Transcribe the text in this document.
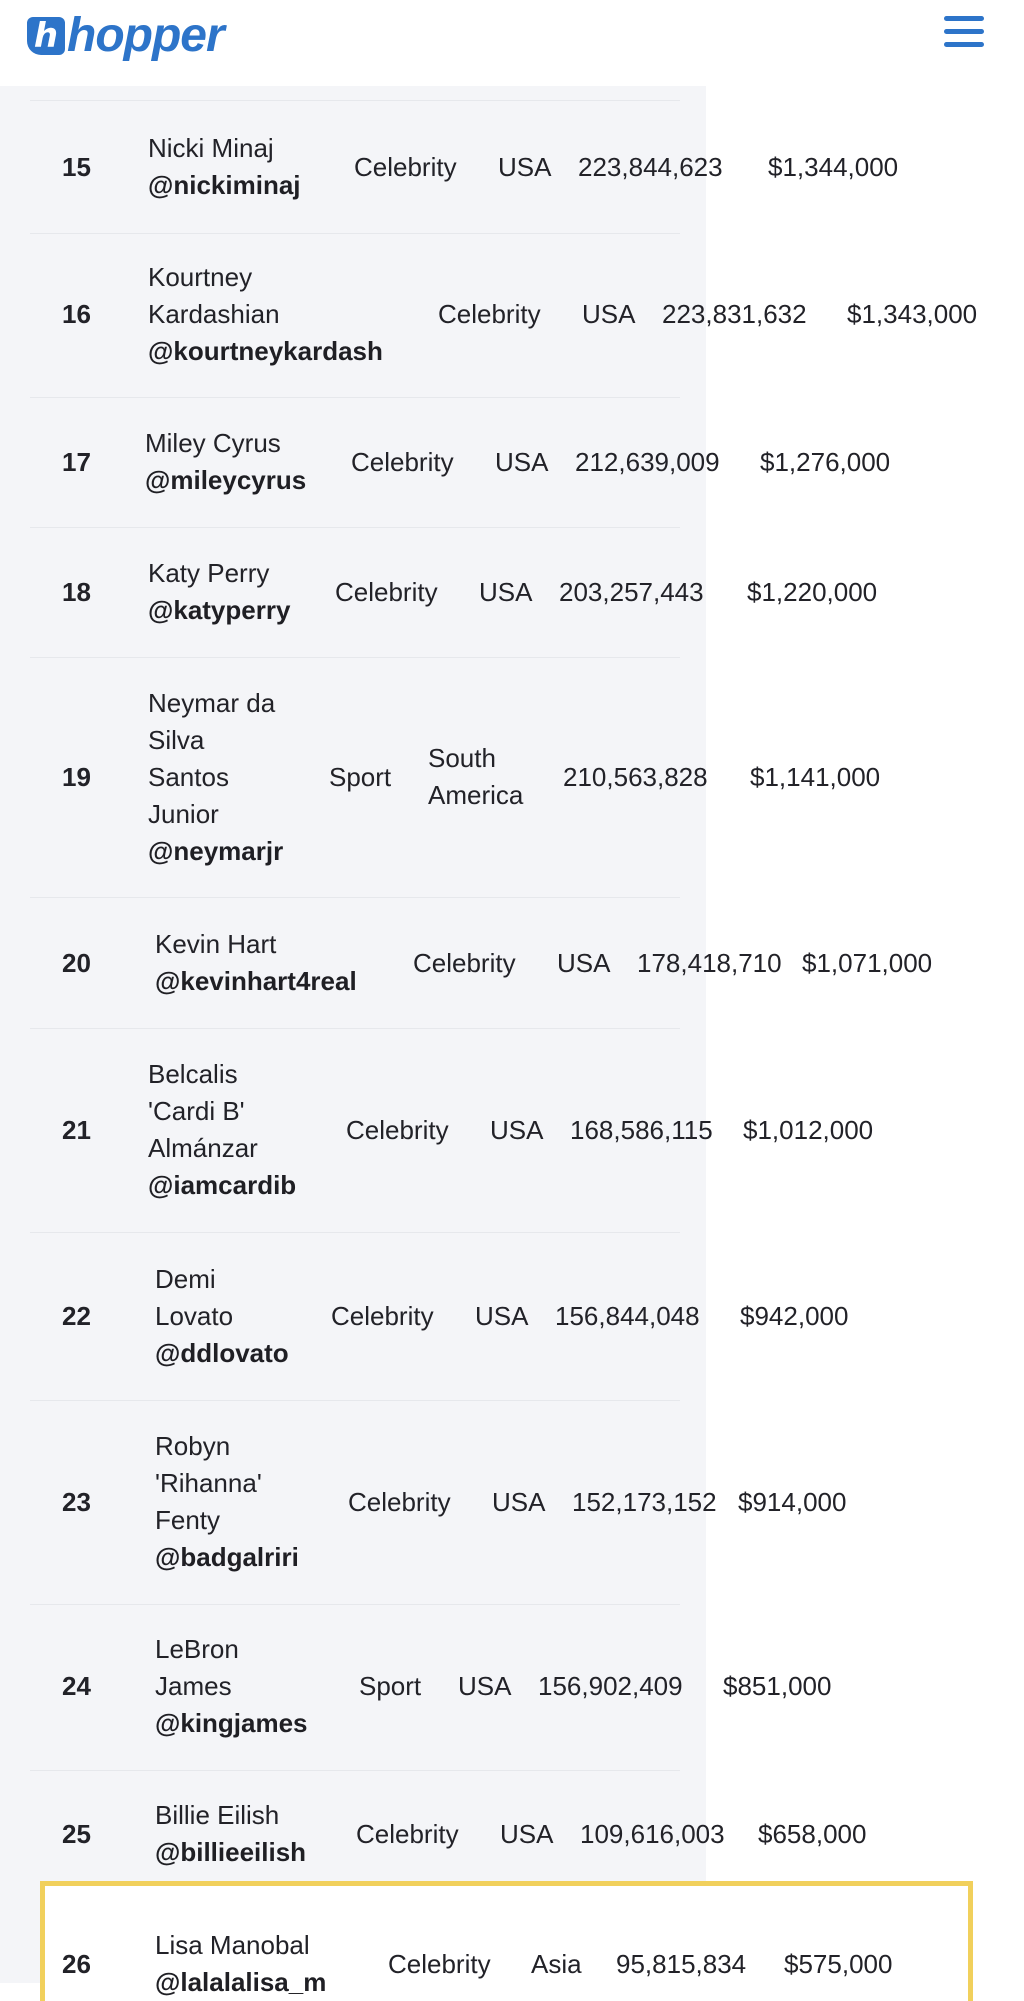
h hopper
15
Nicki Minaj
@nickiminaj
Celebrity USA 223,844,623 $1,344,000
16
Kourtney
Kardashian
@kourtneykardash
Celebrity USA 223,831,632 $1,343,000
17
Miley Cyrus
@mileycyrus
Celebrity USA 212,639,009 $1,276,000
18
Katy Perry
@katyperry
Celebrity USA 203,257,443 $1,220,000
19
Neymar da
Silva
Santos
Junior
@neymarjr
Sport
South
America
210,563,828 $1,141,000
20
Kevin Hart
@kevinhart4real
Celebrity USA 178,418,710 $1,071,000
21
Belcalis
'Cardi B'
Almánzar
@iamcardib
Celebrity USA 168,586,115 $1,012,000
22
Demi
Lovato
@ddlovato
Celebrity USA 156,844,048 $942,000
23
Robyn
'Rihanna'
Fenty
@badgalriri
Celebrity USA 152,173,152 $914,000
24
LeBron
James
@kingjames
Sport USA 156,902,409 $851,000
25
Billie Eilish
@billieeilish
Celebrity USA 109,616,003 $658,000
26
Lisa Manobal
@lalalalisa_m
Celebrity Asia 95,815,834 $575,000
